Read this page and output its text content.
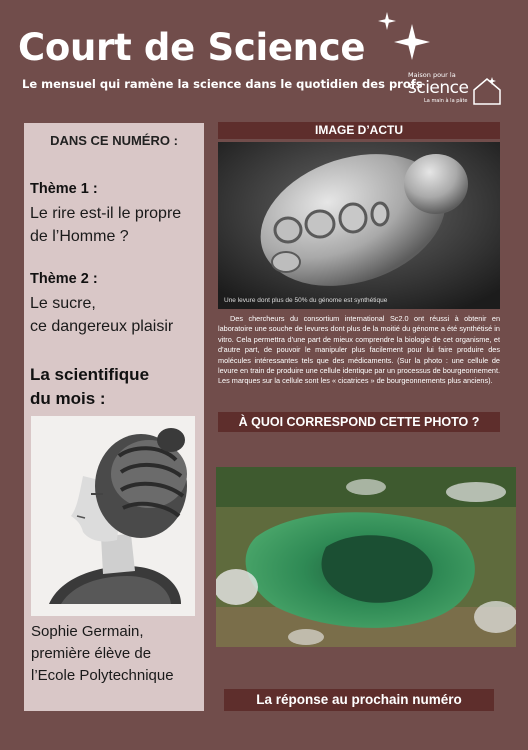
Court de Science
Le mensuel qui ramène la science dans le quotidien des profs
Maison pour la
science
La main à la pâte
DANS CE NUMÉRO :
Thème 1 :
Le rire est-il le propre de l’Homme ?
Thème 2 :
Le sucre,
ce dangereux plaisir
La scientifique
du mois :
Sophie Germain,
première élève de
l’Ecole Polytechnique
IMAGE D’ACTU
Une levure dont plus de 50% du génome est synthétique
Des chercheurs du consortium international Sc2.0 ont réussi à obtenir en laboratoire une souche de levures dont plus de la moitié du génome a été synthétisé in vitro. Cela permettra d’une part de mieux comprendre la biologie de cet organisme, et d’autre part, de pouvoir le manipuler plus facilement pour lui faire produire des molécules intéressantes tels que des médicaments. (Sur la photo : une cellule de levure en train de produire une cellule identique par un processus de bourgeonnement. Les marques sur la cellule sont les « cicatrices » de bourgeonnements plus anciens).
À QUOI CORRESPOND CETTE PHOTO ?
La réponse au prochain numéro
